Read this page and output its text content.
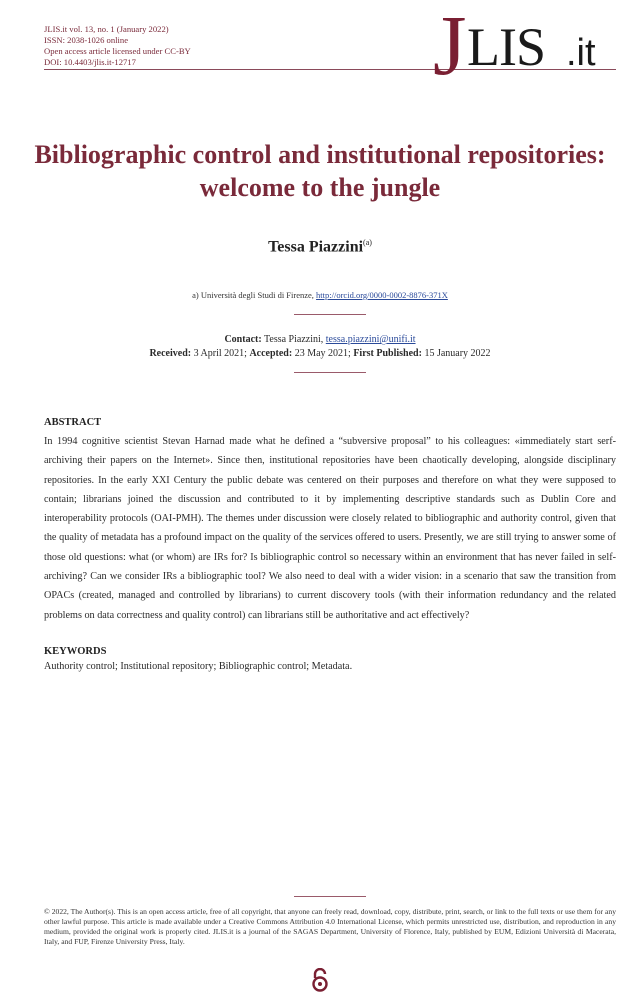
JLIS.it vol. 13, no. 1 (January 2022)
ISSN: 2038-1026 online
Open access article licensed under CC-BY
DOI: 10.4403/jlis.it-12717	J LIS .it
Bibliographic control and institutional repositories:
welcome to the jungle
Tessa Piazzini$^{(a)}$
a) Università degli Studi di Firenze, http://orcid.org/0000-0002-8876-371X
Contact: Tessa Piazzini, tessa.piazzini@unifi.it
Received: 3 April 2021; Accepted: 23 May 2021; First Published: 15 January 2022
ABSTRACT
In 1994 cognitive scientist Stevan Harnad made what he defined a “subversive proposal” to his colleagues: «immediately start serf-archiving their papers on the Internet». Since then, institutional repositories have been chaotically developing, alongside disciplinary repositories. In the early XXI Century the public debate was centered on their purposes and therefore on what they were supposed to contain; librarians joined the discussion and contributed to it by implementing descriptive standards such as Dublin Core and interoperability protocols (OAI-PMH). The themes under discussion were closely related to bibliographic and authority control, given that the quality of metadata has a profound impact on the quality of the services offered to users. Presently, we are still trying to answer some of those old questions: what (or whom) are IRs for? Is bibliographic control so necessary within an environment that has never failed in self-archiving? Can we consider IRs a bibliographic tool? We also need to deal with a wider vision: in a scenario that saw the transition from OPACs (created, managed and controlled by librarians) to current discovery tools (with their information redundancy and the related problems on data correctness and quality control) can librarians still be authoritative and act effectively?
KEYWORDS
Authority control; Institutional repository; Bibliographic control; Metadata.
© 2022, The Author(s). This is an open access article, free of all copyright, that anyone can freely read, download, copy, distribute, print, search, or link to the full texts or use them for any other lawful purpose. This article is made available under a Creative Commons Attribution 4.0 International License, which permits unrestricted use, distribution, and reproduction in any medium, provided the original work is properly cited. JLIS.it is a journal of the SAGAS Department, University of Florence, Italy, published by EUM, Edizioni Università di Macerata, Italy, and FUP, Firenze University Press, Italy.
